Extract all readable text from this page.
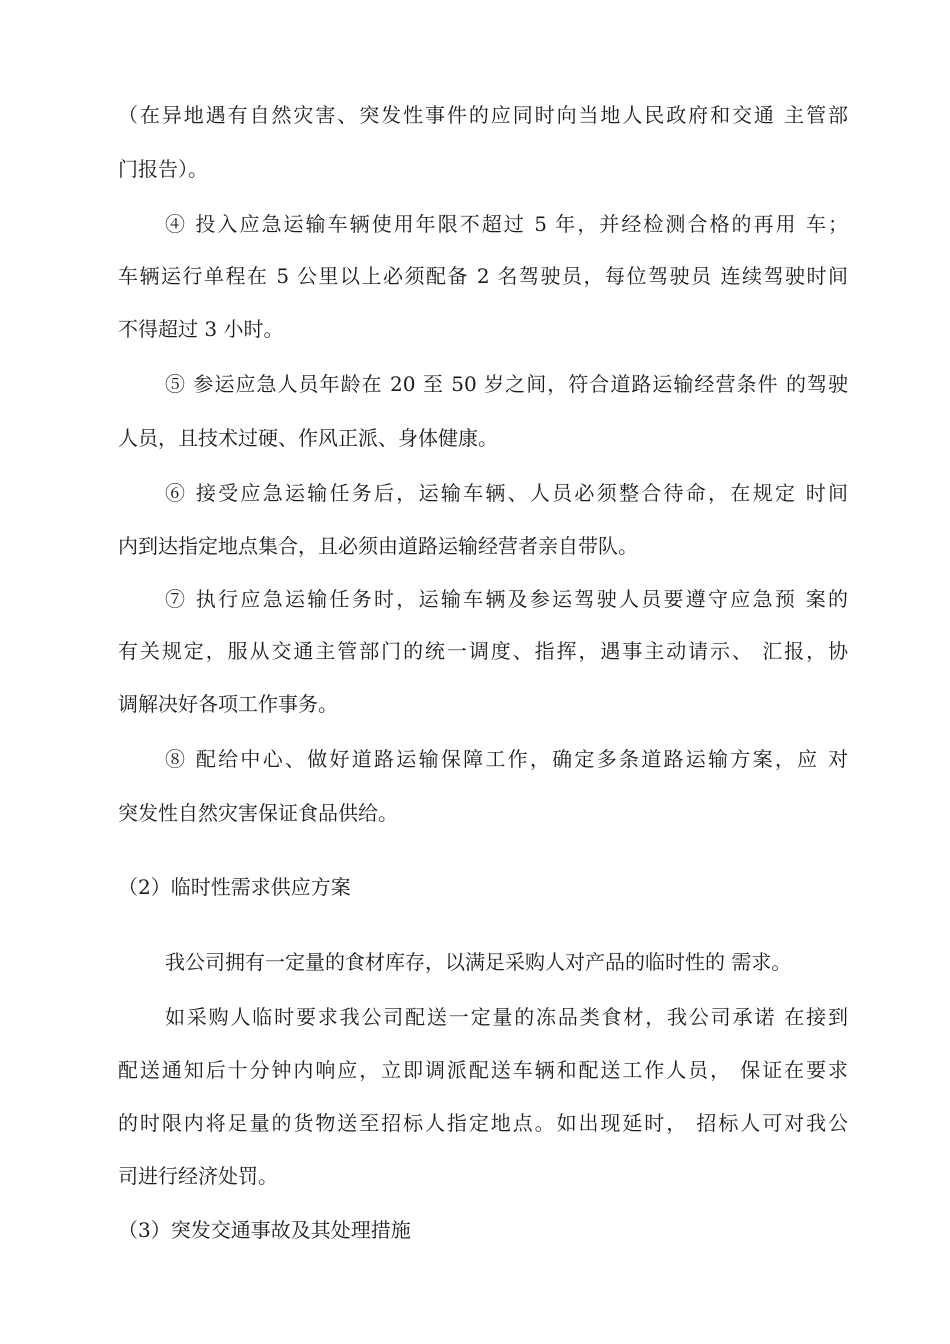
（在异地遇有自然灾害、突发性事件的应同时向当地人民政府和交通 主管部
门报告）。
④ 投入应急运输车辆使用年限不超过 5 年，并经检测合格的再用 车；
车辆运行单程在 5 公里以上必须配备 2 名驾驶员，每位驾驶员 连续驾驶时间
不得超过 3 小时。
⑤ 参运应急人员年龄在 20 至 50 岁之间，符合道路运输经营条件 的驾驶
人员，且技术过硬、作风正派、身体健康。
⑥ 接受应急运输任务后，运输车辆、人员必须整合待命，在规定 时间
内到达指定地点集合，且必须由道路运输经营者亲自带队。
⑦ 执行应急运输任务时，运输车辆及参运驾驶人员要遵守应急预 案的
有关规定，服从交通主管部门的统一调度、指挥，遇事主动请示、 汇报，协
调解决好各项工作事务。
⑧ 配给中心、做好道路运输保障工作，确定多条道路运输方案，应 对
突发性自然灾害保证食品供给。
（2）临时性需求供应方案
我公司拥有一定量的食材库存，以满足采购人对产品的临时性的 需求。
如采购人临时要求我公司配送一定量的冻品类食材，我公司承诺 在接到
配送通知后十分钟内响应，立即调派配送车辆和配送工作人员， 保证在要求
的时限内将足量的货物送至招标人指定地点。如出现延时， 招标人可对我公
司进行经济处罚。
（3）突发交通事故及其处理措施
